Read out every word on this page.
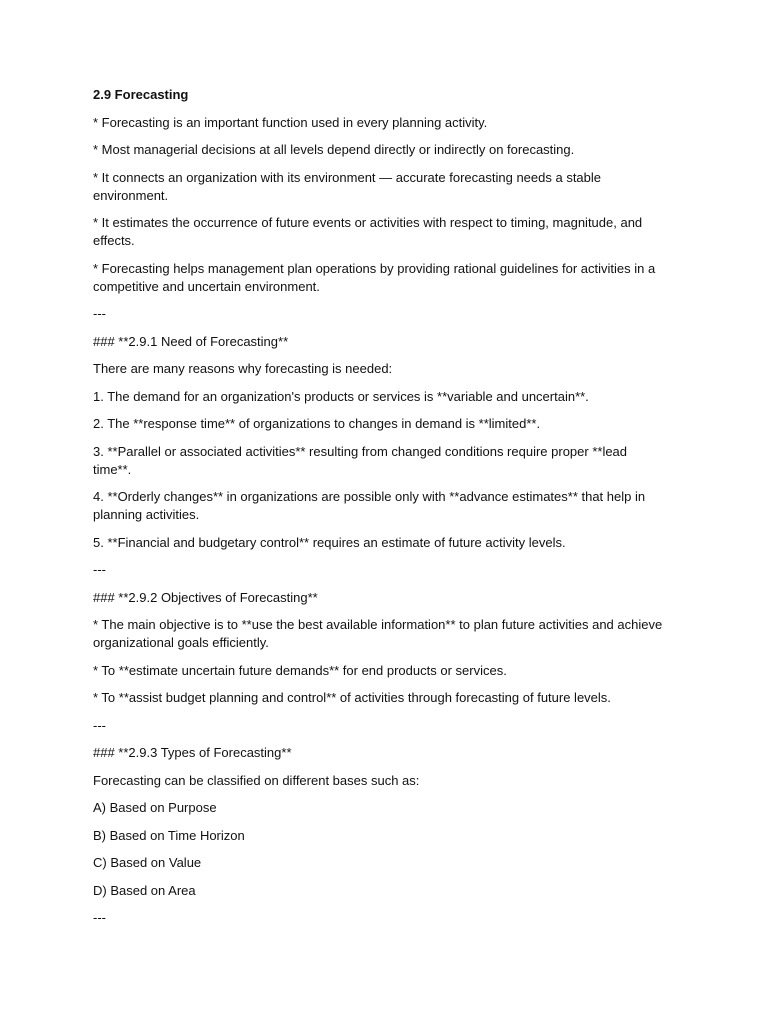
2.9 Forecasting

* Forecasting is an important function used in every planning activity.

* Most managerial decisions at all levels depend directly or indirectly on forecasting.

* It connects an organization with its environment — accurate forecasting needs a stable environment.

* It estimates the occurrence of future events or activities with respect to timing, magnitude, and effects.

* Forecasting helps management plan operations by providing rational guidelines for activities in a competitive and uncertain environment.

---

### **2.9.1 Need of Forecasting**

There are many reasons why forecasting is needed:

1. The demand for an organization's products or services is **variable and uncertain**.

2. The **response time** of organizations to changes in demand is **limited**.

3. **Parallel or associated activities** resulting from changed conditions require proper **lead time**.

4. **Orderly changes** in organizations are possible only with **advance estimates** that help in planning activities.

5. **Financial and budgetary control** requires an estimate of future activity levels.

---

### **2.9.2 Objectives of Forecasting**

* The main objective is to **use the best available information** to plan future activities and achieve organizational goals efficiently.

* To **estimate uncertain future demands** for end products or services.

* To **assist budget planning and control** of activities through forecasting of future levels.

---

### **2.9.3 Types of Forecasting**

Forecasting can be classified on different bases such as:

A) Based on Purpose

B) Based on Time Horizon

C) Based on Value

D) Based on Area

---
